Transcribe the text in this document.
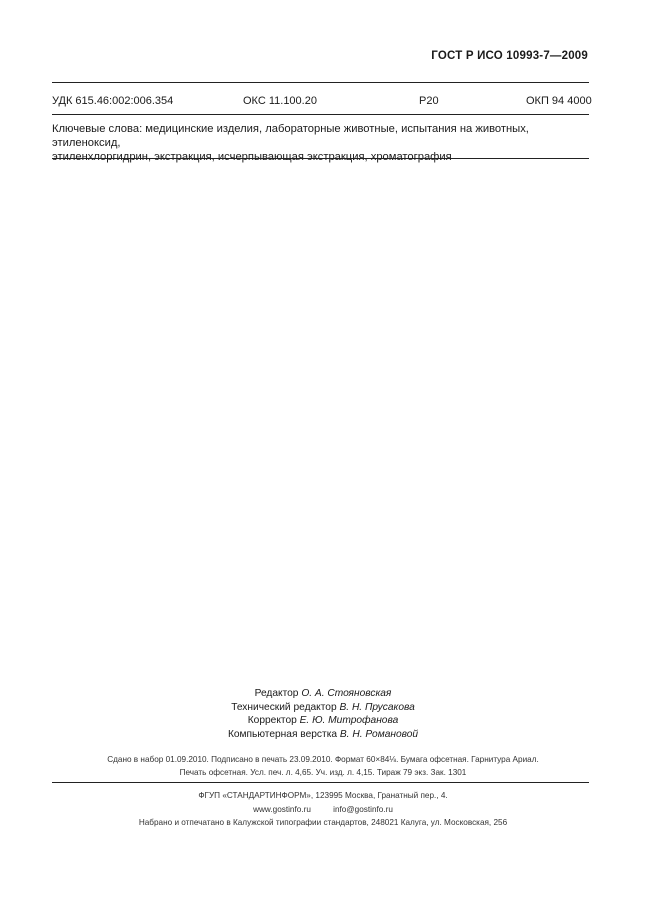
ГОСТ Р ИСО 10993-7—2009
УДК 615.46:002:006.354	ОКС 11.100.20	Р20	ОКП 94 4000
Ключевые слова: медицинские изделия, лабораторные животные, испытания на животных, этиленоксид,
этиленхлоргидрин, экстракция, исчерпывающая экстракция, хроматография
Редактор О. А. Стояновская
Технический редактор В. Н. Прусакова
Корректор Е. Ю. Митрофанова
Компьютерная верстка В. Н. Романовой
Сдано в набор 01.09.2010. Подписано в печать 23.09.2010. Формат 60×84⅛. Бумага офсетная. Гарнитура Ариал.
Печать офсетная. Усл. печ. л. 4,65. Уч. изд. л. 4,15. Тираж 79 экз. Зак. 1301
ФГУП «СТАНДАРТИНФОРМ», 123995 Москва, Гранатный пер., 4.
www.gostinfo.ru	info@gostinfo.ru
Набрано и отпечатано в Калужской типографии стандартов, 248021 Калуга, ул. Московская, 256
